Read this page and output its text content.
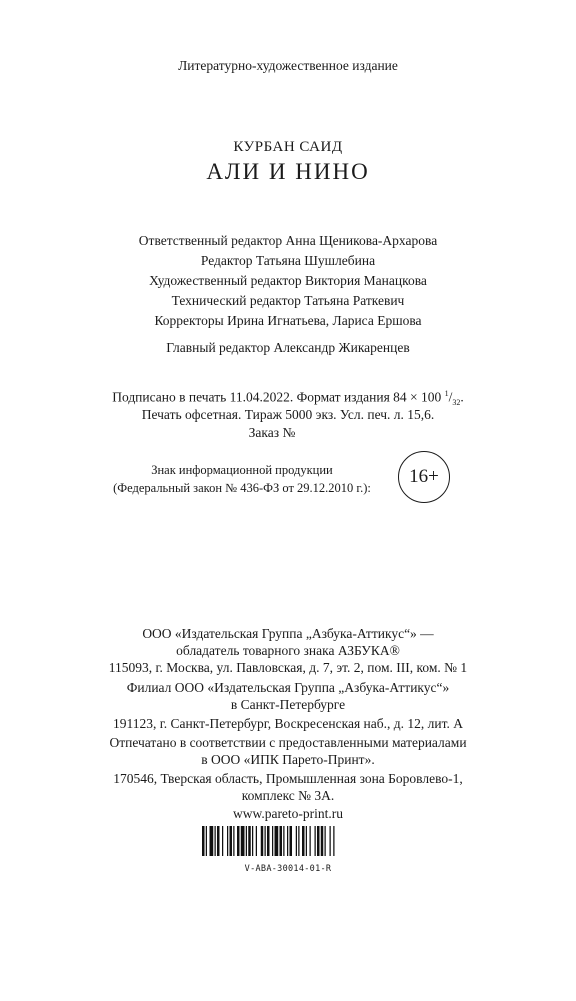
Литературно-художественное издание
КУРБАН САИД
АЛИ И НИНО
Ответственный редактор Анна Щеникова-Архарова
Редактор Татьяна Шушлебина
Художественный редактор Виктория Манацкова
Технический редактор Татьяна Раткевич
Корректоры Ирина Игнатьева, Лариса Ершова
Главный редактор Александр Жикаренцев
Подписано в печать 11.04.2022. Формат издания 84 × 100 $^1/_{32}$.
Печать офсетная. Тираж 5000 экз. Усл. печ. л. 15,6.
Заказ №
Знак информационной продукции
(Федеральный закон № 436-ФЗ от 29.12.2010 г.):
16+
ООО «Издательская Группа „Азбука-Аттикус“» —
обладатель товарного знака АЗБУКА®
115093, г. Москва, ул. Павловская, д. 7, эт. 2, пом. III, ком. № 1
Филиал ООО «Издательская Группа „Азбука-Аттикус“»
в Санкт-Петербурге
191123, г. Санкт-Петербург, Воскресенская наб., д. 12, лит. А
Отпечатано в соответствии с предоставленными материалами
в ООО «ИПК Парето-Принт».
170546, Тверская область, Промышленная зона Боровлево-1,
комплекс № 3А.
www.pareto-print.ru
V-ABA-30014-01-R
